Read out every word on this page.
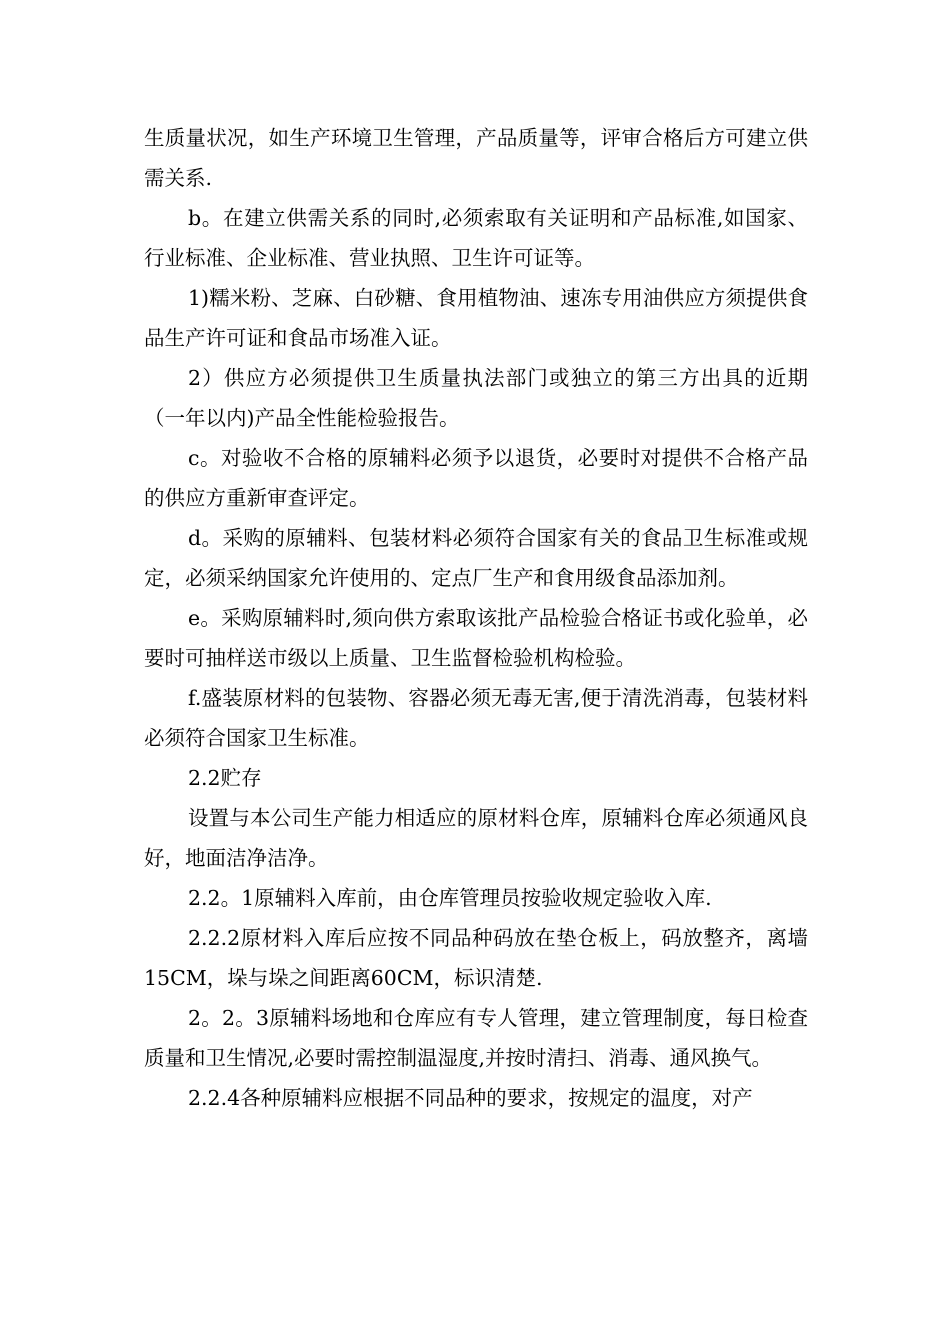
生质量状况，如生产环境卫生管理，产品质量等，评审合格后方可建立供需关系.

b。在建立供需关系的同时,必须索取有关证明和产品标准,如国家、行业标准、企业标准、营业执照、卫生许可证等。

1)糯米粉、芝麻、白砂糖、食用植物油、速冻专用油供应方须提供食品生产许可证和食品市场准入证。

2）供应方必须提供卫生质量执法部门或独立的第三方出具的近期（一年以内)产品全性能检验报告。

c。对验收不合格的原辅料必须予以退货，必要时对提供不合格产品的供应方重新审查评定。

d。采购的原辅料、包装材料必须符合国家有关的食品卫生标准或规定，必须采纳国家允许使用的、定点厂生产和食用级食品添加剂。

e。采购原辅料时,须向供方索取该批产品检验合格证书或化验单，必要时可抽样送市级以上质量、卫生监督检验机构检验。

f.盛装原材料的包装物、容器必须无毒无害,便于清洗消毒，包装材料必须符合国家卫生标准。

2.2贮存

设置与本公司生产能力相适应的原材料仓库，原辅料仓库必须通风良好，地面洁净洁净。

2.2。1原辅料入库前，由仓库管理员按验收规定验收入库.

2.2.2原材料入库后应按不同品种码放在垫仓板上，码放整齐，离墙15CM，垛与垛之间距离60CM，标识清楚.

2。2。3原辅料场地和仓库应有专人管理，建立管理制度，每日检查质量和卫生情况,必要时需控制温湿度,并按时清扫、消毒、通风换气。

2.2.4各种原辅料应根据不同品种的要求，按规定的温度，对产
